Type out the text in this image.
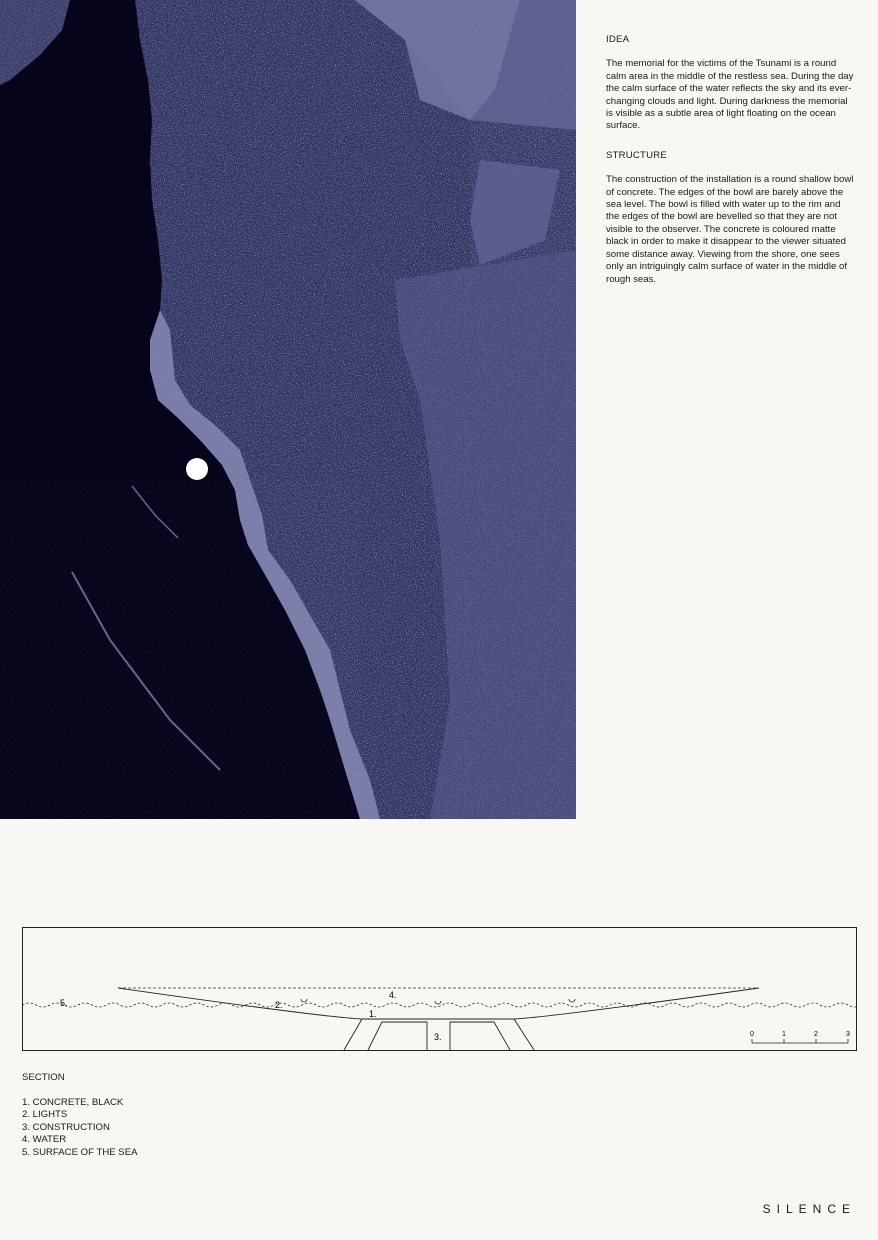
IDEA

The memorial for the victims of the Tsunami is a round calm area in the middle of the restless sea. During the day the calm surface of the water reflects the sky and its ever-changing clouds and light. During darkness the memorial is visible as a subtle area of light floating on the ocean surface.

STRUCTURE

The construction of the installation is a round shallow bowl of concrete. The edges of the bowl are barely above the sea level. The bowl is filled with water up to the rim and the edges of the bowl are bevelled so that they are not visible to the observer. The concrete is coloured matte black in order to make it disappear to the viewer situated some distance away. Viewing from the shore, one sees only an intriguingly calm surface of water in the middle of rough seas.

5.	2.
4.
1.
3.	0	1	2	3
SECTION
1. CONCRETE, BLACK
2. LIGHTS
3. CONSTRUCTION
4. WATER
5. SURFACE OF THE SEA
SILENCE
